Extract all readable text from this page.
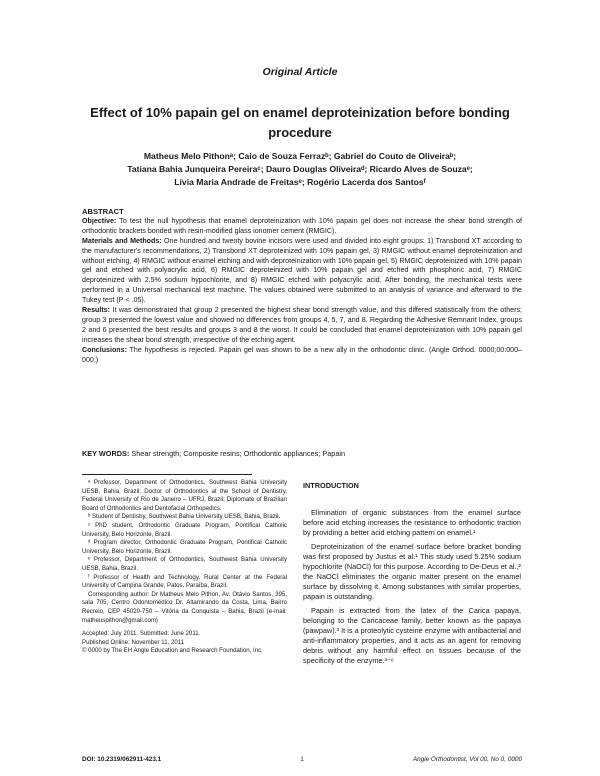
Original Article
Effect of 10% papain gel on enamel deproteinization before bonding procedure
Matheus Melo Pithonᵃ; Caio de Souza Ferrazᵇ; Gabriel do Couto de Oliveiraᵇ;
Tatiana Bahia Junqueira Pereiraᶜ; Dauro Douglas Oliveiraᵈ; Ricardo Alves de Souzaᵉ;
Lívia Maria Andrade de Freitasᵉ; Rogério Lacerda dos Santosᶠ
ABSTRACT

Objective: To test the null hypothesis that enamel deproteinization with 10% papain gel does not increase the shear bond strength of orthodontic brackets bonded with resin-modified glass ionomer cement (RMGIC).

Materials and Methods: One hundred and twenty bovine incisors were used and divided into eight groups: 1) Transbond XT according to the manufacturer's recommendations, 2) Transbond XT deproteinized with 10% papain gel, 3) RMGIC without enamel deproteinization and without etching, 4) RMGIC without enamel etching and with deproteinization with 10% papain gel, 5) RMGIC deproteinized with 10% papain gel and etched with polyacrylic acid, 6) RMGIC deproteinized with 10% papain gel and etched with phosphoric acid, 7) RMGIC deproteinized with 2.5% sodium hypochlorite, and 8) RMGIC etched with polyacrylic acid. After bonding, the mechanical tests were performed in a Universal mechanical test machine. The values obtained were submitted to an analysis of variance and afterward to the Tukey test (P < .05).

Results: It was demonstrated that group 2 presented the highest shear bond strength value, and this differed statistically from the others; group 3 presented the lowest value and showed no differences from groups 4, 5, 7, and 8. Regarding the Adhesive Remnant Index, groups 2 and 6 presented the best results and groups 3 and 8 the worst. It could be concluded that enamel deproteinization with 10% papain gel increases the shear bond strength, irrespective of the etching agent.

Conclusions: The hypothesis is rejected. Papain gel was shown to be a new ally in the orthodontic clinic. (Angle Orthod. 0000;00:000–000.)

KEY WORDS: Shear strength; Composite resins; Orthodontic appliances; Papain

ᵃ Professor, Department of Orthodontics, Southwest Bahia University UESB, Bahia, Brazil; Doctor of Orthodontics at the School of Dentistry, Federal University of Rio de Janeiro – UFRJ, Brazil; Diplomate of Brazilian Board of Orthodontics and Dentofacial Orthopedics.

ᵇ Student of Dentistry, Southwest Bahia University UESB, Bahia, Brazil.

ᶜ PhD student, Orthodontic Graduate Program, Pontifical Catholic University, Belo Horizonte, Brazil.

ᵈ Program director, Orthodontic Graduate Program, Pontifical Catholic University, Belo Horizonte, Brazil.

ᵉ Professor, Department of Orthodontics, Southwest Bahia University UESB, Bahia, Brazil.

ᶠ Professor of Health and Technology, Rural Center at the Federal University of Campina Grande, Patos, Paraíba, Brazil.

Corresponding author: Dr Matheus Melo Pithon, Av. Otávio Santos, 395, sala 705, Centro Odontomédico Dr. Altamirando da Costa, Lima, Bairro Recreio, CEP 45020-750 – Vitória da Conquista – Bahia, Brazil (e-mail: matheuspithon@gmail.com)

Accepted: July 2011. Submitted: June 2011.

Published Online: November 11, 2011

© 0000 by The EH Angle Education and Research Foundation, Inc.

INTRODUCTION

Elimination of organic substances from the enamel surface before acid etching increases the resistance to orthodontic traction by providing a better acid etching pattern on enamel.¹

Deproteinization of the enamel surface before bracket bonding was first proposed by Justus et al.¹ This study used 5.25% sodium hypochlorite (NaOCl) for this purpose. According to De-Deus et al.,² the NaOCl eliminates the organic matter present on the enamel surface by dissolving it. Among substances with similar properties, papain is outstanding.

Papain is extracted from the latex of the Carica papaya, belonging to the Caricaceae family, better known as the papaya (pawpaw).³ It is a proteolytic cysteine enzyme with antibacterial and anti-inflammatory properties, and it acts as an agent for removing debris without any harmful effect on tissues because of the specificity of the enzyme.³⁻⁶

DOI: 10.2319/062911-423.1	1	Angle Orthodontist, Vol 00, No 0, 0000
